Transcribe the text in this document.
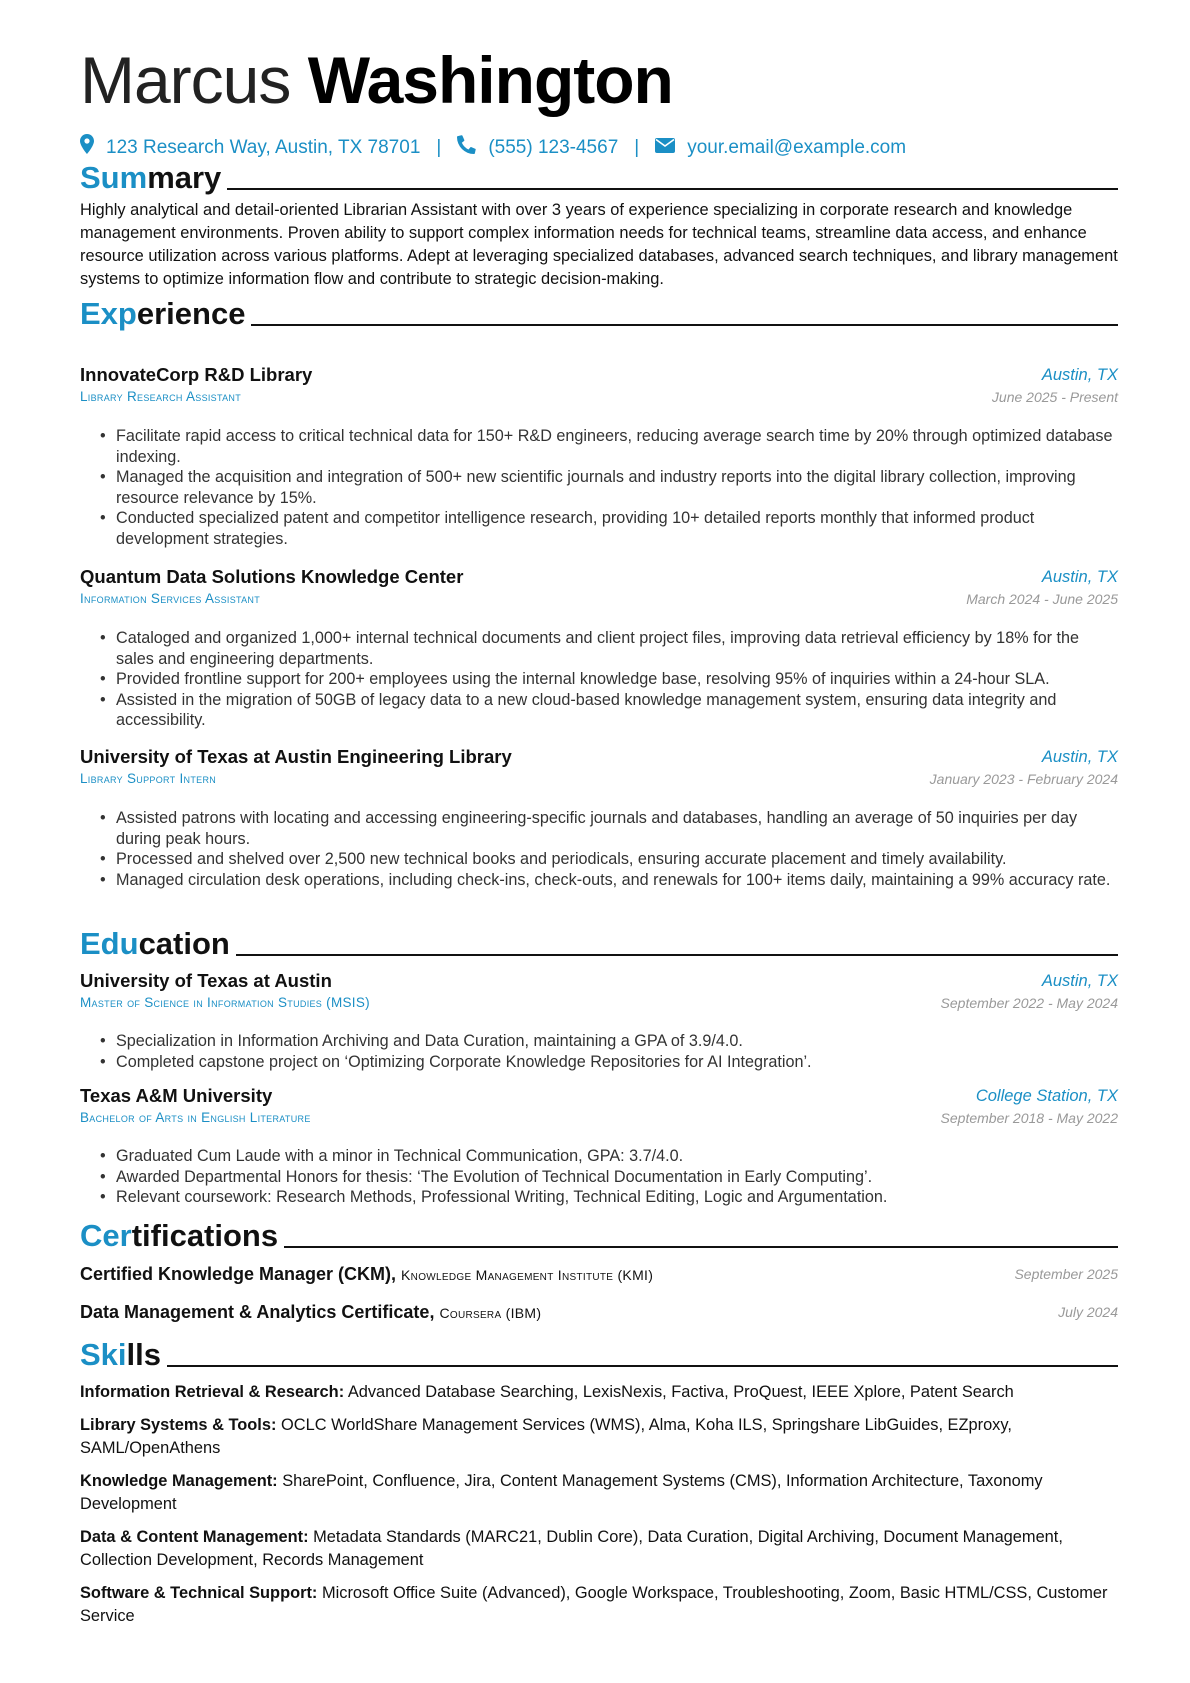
Marcus Washington
123 Research Way, Austin, TX 78701 | (555) 123-4567 |	your.email@example.com
Summary
Highly analytical and detail-oriented Librarian Assistant with over 3 years of experience specializing in corporate research and knowledge management environments. Proven ability to support complex information needs for technical teams, streamline data access, and enhance resource utilization across various platforms. Adept at leveraging specialized databases, advanced search techniques, and library management systems to optimize information flow and contribute to strategic decision-making.
Experience
InnovateCorp R&D Library	Austin, TX
Library Research Assistant	June 2025 - Present
• Facilitate rapid access to critical technical data for 150+ R&D engineers, reducing average search time by 20% through optimized database indexing.
• Managed the acquisition and integration of 500+ new scientific journals and industry reports into the digital library collection, improving resource relevance by 15%.
• Conducted specialized patent and competitor intelligence research, providing 10+ detailed reports monthly that informed product development strategies.
Quantum Data Solutions Knowledge Center	Austin, TX
Information Services Assistant	March 2024 - June 2025
• Cataloged and organized 1,000+ internal technical documents and client project files, improving data retrieval efficiency by 18% for the sales and engineering departments.
• Provided frontline support for 200+ employees using the internal knowledge base, resolving 95% of inquiries within a 24-hour SLA.
• Assisted in the migration of 50GB of legacy data to a new cloud-based knowledge management system, ensuring data integrity and accessibility.
University of Texas at Austin Engineering Library	Austin, TX
Library Support Intern	January 2023 - February 2024
• Assisted patrons with locating and accessing engineering-specific journals and databases, handling an average of 50 inquiries per day during peak hours.
• Processed and shelved over 2,500 new technical books and periodicals, ensuring accurate placement and timely availability.
• Managed circulation desk operations, including check-ins, check-outs, and renewals for 100+ items daily, maintaining a 99% accuracy rate.
Education
University of Texas at Austin	Austin, TX
Master of Science in Information Studies (MSIS)	September 2022 - May 2024
• Specialization in Information Archiving and Data Curation, maintaining a GPA of 3.9/4.0.
• Completed capstone project on ‘Optimizing Corporate Knowledge Repositories for AI Integration’.
Texas A&M University	College Station, TX
Bachelor of Arts in English Literature	September 2018 - May 2022
• Graduated Cum Laude with a minor in Technical Communication, GPA: 3.7/4.0.
• Awarded Departmental Honors for thesis: ‘The Evolution of Technical Documentation in Early Computing’.
• Relevant coursework: Research Methods, Professional Writing, Technical Editing, Logic and Argumentation.
Certifications
Certified Knowledge Manager (CKM), Knowledge Management Institute (KMI)	September 2025
Data Management & Analytics Certificate, Coursera (IBM)	July 2024
Skills
Information Retrieval & Research: Advanced Database Searching, LexisNexis, Factiva, ProQuest, IEEE Xplore, Patent Search
Library Systems & Tools: OCLC WorldShare Management Services (WMS), Alma, Koha ILS, Springshare LibGuides, EZproxy, SAML/OpenAthens
Knowledge Management: SharePoint, Confluence, Jira, Content Management Systems (CMS), Information Architecture, Taxonomy Development
Data & Content Management: Metadata Standards (MARC21, Dublin Core), Data Curation, Digital Archiving, Document Management, Collection Development, Records Management
Software & Technical Support: Microsoft Office Suite (Advanced), Google Workspace, Troubleshooting, Zoom, Basic HTML/CSS, Customer Service
